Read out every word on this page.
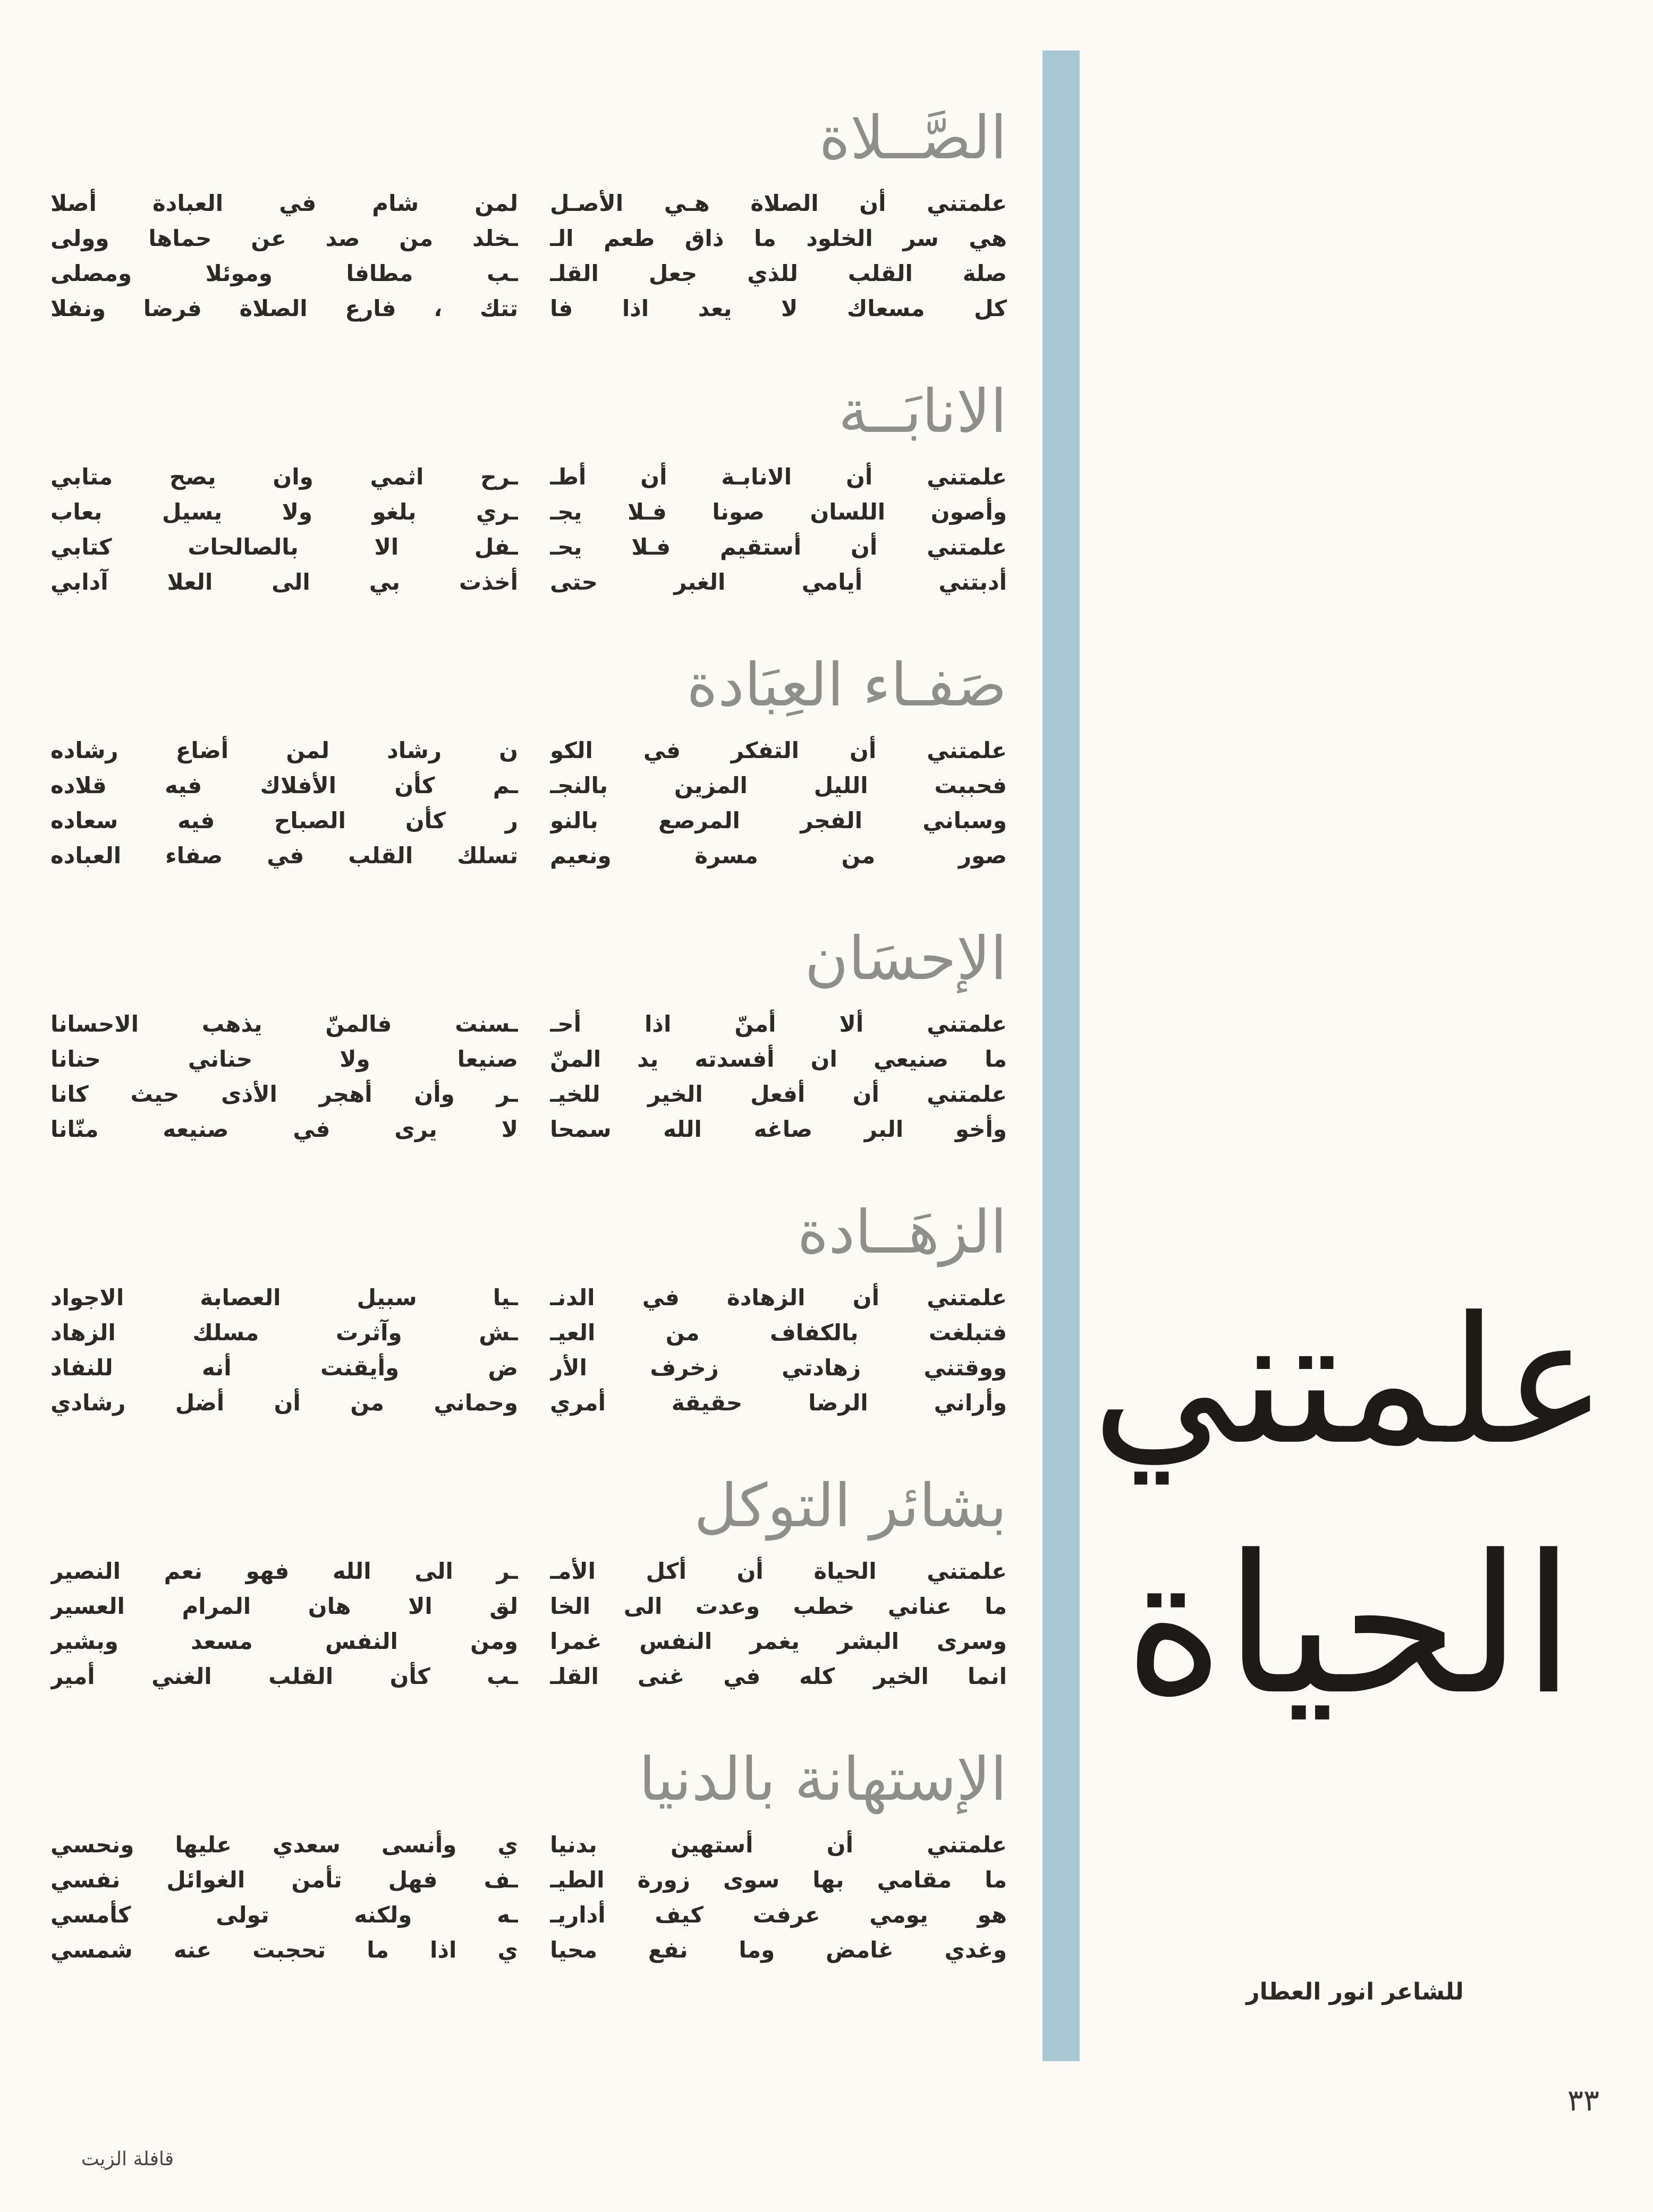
الصَّــلاة
علمتني أن الصلاة هـي الأصـل
لمن شام في العبادة أصلا
هي سر الخلود ما ذاق طعم الـ
ـخلد من صد عن حماها وولى
صلة القلب للذي جعل القلـ
ـب مطافا وموئلا ومصلى
كل مسعاك لا يعد اذا فا
تتك ، فارع الصلاة فرضا ونفلا
الانابَــة
علمتني أن الانابـة أن أطـ
ـرح اثمي وان يصح متابي
وأصون اللسان صونا فـلا يجـ
ـري بلغو ولا يسيل بعاب
علمتني أن أستقيم فـلا يحـ
ـفل الا بالصالحات كتابي
أدبتني أيامي الغبر حتى
أخذت بي الى العلا آدابي
صَفـاء العِبَادة
علمتني أن التفكر في الكو
ن رشاد لمن أضاع رشاده
فحببت الليل المزين بالنجـ
ـم كأن الأفلاك فيه قلاده
وسباني الفجر المرصع بالنو
ر كأن الصباح فيه سعاده
صور من مسرة ونعيم
تسلك القلب في صفاء العباده
الإحسَان
علمتني ألا أمنّ اذا أحـ
ـسنت فالمنّ يذهب الاحسانا
ما صنيعي ان أفسدته يد المنّ
صنيعا ولا حناني حنانا
علمتني أن أفعل الخير للخيـ
ـر وأن أهجر الأذى حيث كانا
وأخو البر صاغه الله سمحا
لا يرى في صنيعه منّانا
الزهَــادة
علمتني أن الزهادة في الدنـ
ـيا سبيل العصابة الاجواد
فتبلغت بالكفاف من العيـ
ـش وآثرت مسلك الزهاد
ووقتني زهادتي زخرف الأر
ض وأيقنت أنه للنفاد
وأراني الرضا حقيقة أمري
وحماني من أن أضل رشادي
بشائر التوكل
علمتني الحياة أن أكل الأمـ
ـر الى الله فهو نعم النصير
ما عناني خطب وعدت الى الخا
لق الا هان المرام العسير
وسرى البشر يغمر النفس غمرا
ومن النفس مسعد وبشير
انما الخير كله في غنى القلـ
ـب كأن القلب الغني أمير
الإستهانة بالدنيا
علمتني أن أستهين بدنيا
ي وأنسى سعدي عليها ونحسي
ما مقامي بها سوى زورة الطيـ
ـف فهل تأمن الغوائل نفسي
هو يومي عرفت كيف أداريـ
ـه ولكنه تولى كأمسي
وغدي غامض وما نفع محيا
ي اذا ما تحجبت عنه شمسي
علمتني
الحياة
للشاعر انور العطار
٣٣
قافلة الزيت
